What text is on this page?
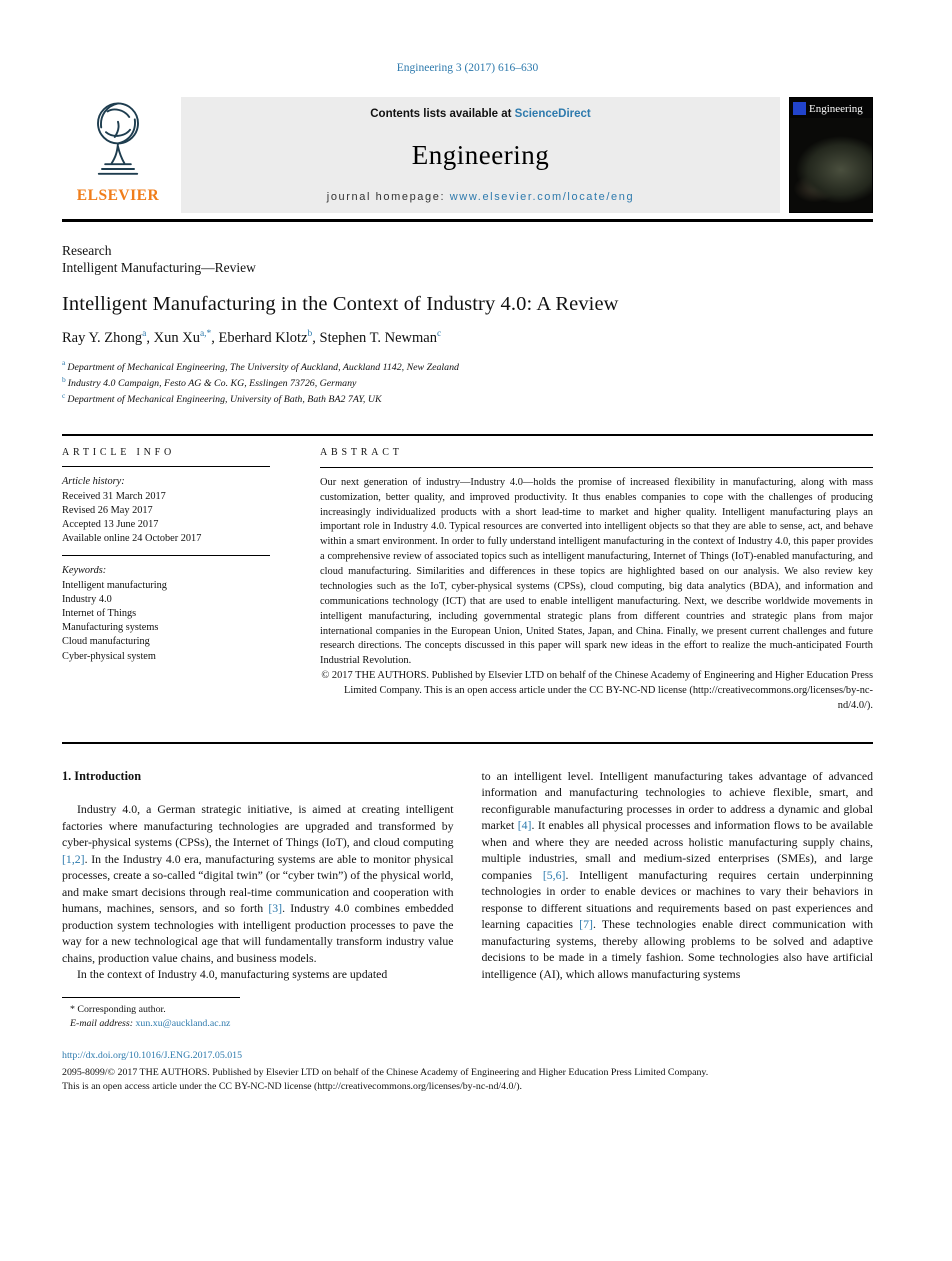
Engineering 3 (2017) 616–630
ELSEVIER
Contents lists available at ScienceDirect
Engineering
journal homepage: www.elsevier.com/locate/eng
Engineering
Research
Intelligent Manufacturing—Review
Intelligent Manufacturing in the Context of Industry 4.0: A Review
Ray Y. Zhong$^a$, Xun $Xu^{a,*}$, Eberhard Klotz$^b$, Stephen T. Newman$^c$
$^a$ Department of Mechanical Engineering, The University of Auckland, Auckland 1142, New Zealand
$^b$ Industry 4.0 Campaign, Festo AG & Co. KG, Esslingen 73726, Germany
$^c$ Department of Mechanical Engineering, University of Bath, Bath BA2 7AY, UK
ARTICLE INFO
Article history:
Received 31 March 2017
Revised 26 May 2017
Accepted 13 June 2017
Available online 24 October 2017
Keywords:
Intelligent manufacturing
Industry 4.0
Internet of Things
Manufacturing systems
Cloud manufacturing
Cyber-physical system
ABSTRACT

Our next generation of industry—Industry 4.0—holds the promise of increased flexibility in manufacturing, along with mass customization, better quality, and improved productivity. It thus enables companies to cope with the challenges of producing increasingly individualized products with a short lead-time to market and higher quality. Intelligent manufacturing plays an important role in Industry 4.0. Typical resources are converted into intelligent objects so that they are able to sense, act, and behave within a smart environment. In order to fully understand intelligent manufacturing in the context of Industry 4.0, this paper provides a comprehensive review of associated topics such as intelligent manufacturing, Internet of Things (IoT)-enabled manufacturing, and cloud manufacturing. Similarities and differences in these topics are highlighted based on our analysis. We also review key technologies such as the IoT, cyber-physical systems (CPSs), cloud computing, big data analytics (BDA), and information and communications technology (ICT) that are used to enable intelligent manufacturing. Next, we describe worldwide movements in intelligent manufacturing, including governmental strategic plans from different countries and strategic plans from major international companies in the European Union, United States, Japan, and China. Finally, we present current challenges and future research directions. The concepts discussed in this paper will spark new ideas in the effort to realize the much-anticipated Fourth Industrial Revolution.

© 2017 THE AUTHORS. Published by Elsevier LTD on behalf of the Chinese Academy of Engineering and Higher Education Press Limited Company. This is an open access article under the CC BY-NC-ND license (http://creativecommons.org/licenses/by-nc-nd/4.0/).

1. Introduction

Industry 4.0, a German strategic initiative, is aimed at creating intelligent factories where manufacturing technologies are upgraded and transformed by cyber-physical systems (CPSs), the Internet of Things (IoT), and cloud computing [1,2]. In the Industry 4.0 era, manufacturing systems are able to monitor physical processes, create a so-called “digital twin” (or “cyber twin”) of the physical world, and make smart decisions through real-time communication and cooperation with humans, machines, sensors, and so forth [3]. Industry 4.0 combines embedded production system technologies with intelligent production processes to pave the way for a new technological age that will fundamentally transform industry value chains, production value chains, and business models.

In the context of Industry 4.0, manufacturing systems are updated

to an intelligent level. Intelligent manufacturing takes advantage of advanced information and manufacturing technologies to achieve flexible, smart, and reconfigurable manufacturing processes in order to address a dynamic and global market [4]. It enables all physical processes and information flows to be available when and where they are needed across holistic manufacturing supply chains, multiple industries, small and medium-sized enterprises (SMEs), and large companies [5,6]. Intelligent manufacturing requires certain underpinning technologies in order to enable devices or machines to vary their behaviors in response to different situations and requirements based on past experiences and learning capacities [7]. These technologies enable direct communication with manufacturing systems, thereby allowing problems to be solved and adaptive decisions to be made in a timely fashion. Some technologies also have artificial intelligence (AI), which allows manufacturing systems

* Corresponding author.
E-mail address: xun.xu@auckland.ac.nz
http://dx.doi.org/10.1016/J.ENG.2017.05.015
2095-8099/© 2017 THE AUTHORS. Published by Elsevier LTD on behalf of the Chinese Academy of Engineering and Higher Education Press Limited Company.
This is an open access article under the CC BY-NC-ND license (http://creativecommons.org/licenses/by-nc-nd/4.0/).
